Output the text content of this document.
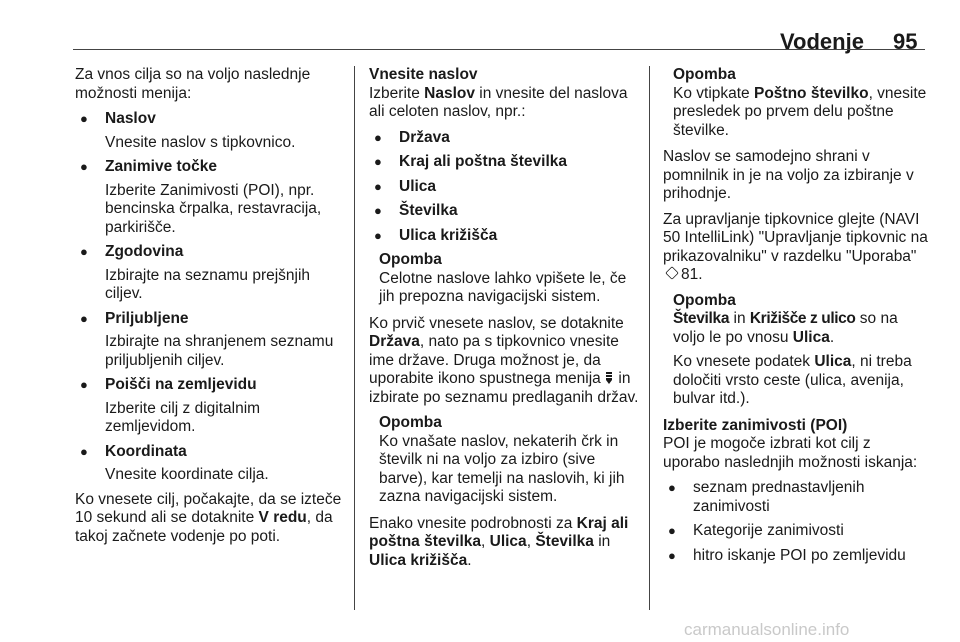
Vodenje 95

Za vnos cilja so na voljo naslednje možnosti menija:

● Naslov
Vnesite naslov s tipkovnico.
● Zanimive točke
Izberite Zanimivosti (POI), npr. bencinska črpalka, restavracija, parkirišče.
● Zgodovina
Izbirajte na seznamu prejšnjih ciljev.
● Priljubljene
Izbirajte na shranjenem seznamu priljubljenih ciljev.
● Poišči na zemljevidu
Izberite cilj z digitalnim zemljevidom.
● Koordinata
Vnesite koordinate cilja.

Ko vnesete cilj, počakajte, da se izteče 10 sekund ali se dotaknite V redu, da takoj začnete vodenje po poti.

Vnesite naslov

Izberite Naslov in vnesite del naslova ali celoten naslov, npr.:

● Država
● Kraj ali poštna številka
● Ulica
● Številka
● Ulica križišča
Opomba
Celotne naslove lahko vpišete le, če jih prepozna navigacijski sistem.

Ko prvič vnesete naslov, se dotaknite Država, nato pa s tipkovnico vnesite ime države. Druga možnost je, da uporabite ikono spustnega menija  in izbirate po seznamu predlaganih držav.

Opomba
Ko vnašate naslov, nekaterih črk in številk ni na voljo za izbiro (sive barve), kar temelji na naslovih, ki jih zazna navigacijski sistem.

Enako vnesite podrobnosti za Kraj ali poštna številka, Ulica, Številka in Ulica križišča.

Opomba
Ko vtipkate Poštno številko, vnesite presledek po prvem delu poštne številke.

Naslov se samodejno shrani v pomnilnik in je na voljo za izbiranje v prihodnje.

Za upravljanje tipkovnice glejte (NAVI 50 IntelliLink) "Upravljanje tipkovnic na prikazovalniku" v razdelku "Uporaba" 81.

Opomba

Številka in Križišče z ulico so na voljo le po vnosu Ulica.

Ko vnesete podatek Ulica, ni treba določiti vrsto ceste (ulica, avenija, bulvar itd.).

Izberite zanimivosti (POI)

POI je mogoče izbrati kot cilj z uporabo naslednjih možnosti iskanja:

● seznam prednastavljenih zanimivosti
● Kategorije zanimivosti
● hitro iskanje POI po zemljevidu
carmanualsonline.info
